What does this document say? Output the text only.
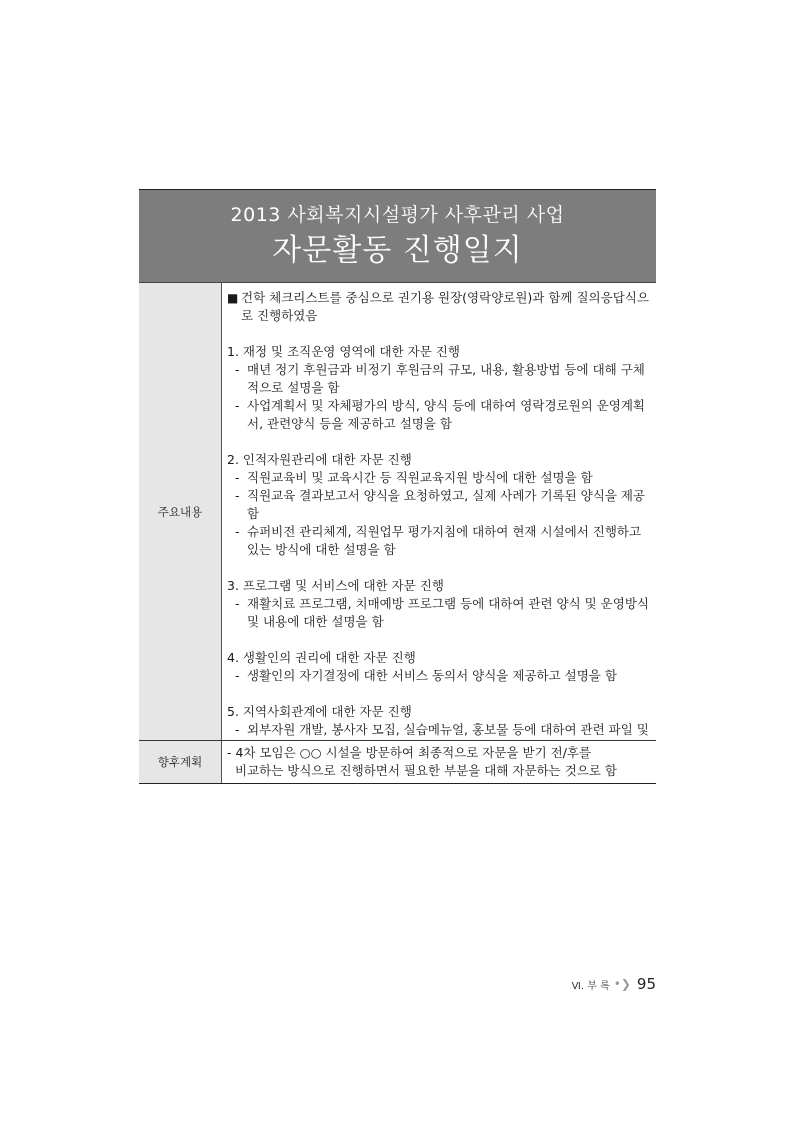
2013 사회복지시설평가 사후관리 사업
자문활동 진행일지
주요내용
■ 건학 체크리스트를 중심으로 권기용 원장(영락양로원)과 함께 질의응답식으로 진행하였음
1. 재정 및 조직운영 영역에 대한 자문 진행
- 매년 정기 후원금과 비정기 후원금의 규모, 내용, 활용방법 등에 대해 구체적으로 설명을 함
- 사업계획서 및 자체평가의 방식, 양식 등에 대하여 영락경로원의 운영계획서, 관련양식 등을 제공하고 설명을 함
2. 인적자원관리에 대한 자문 진행
- 직원교육비 및 교육시간 등 직원교육지원 방식에 대한 설명을 함
- 직원교육 결과보고서 양식을 요청하였고, 실제 사례가 기록된 양식을 제공함
- 슈퍼비전 관리체계, 직원업무 평가지침에 대하여 현재 시설에서 진행하고 있는 방식에 대한 설명을 함
3. 프로그램 및 서비스에 대한 자문 진행
- 재활치료 프로그램, 치매예방 프로그램 등에 대하여 관련 양식 및 운영방식 및 내용에 대한 설명을 함
4. 생활인의 권리에 대한 자문 진행
- 생활인의 자기결정에 대한 서비스 동의서 양식을 제공하고 설명을 함
5. 지역사회관계에 대한 자문 진행
- 외부자원 개발, 봉사자 모집, 실습메뉴얼, 홍보물 등에 대하여 관련 파일 및
향후계획
- 4차 모임은 ○○ 시설을 방문하여 최종적으로 자문을 받기 전/후를
비교하는 방식으로 진행하면서 필요한 부분을 대해 자문하는 것으로 함
Ⅵ. 부 록 •❯ 95
